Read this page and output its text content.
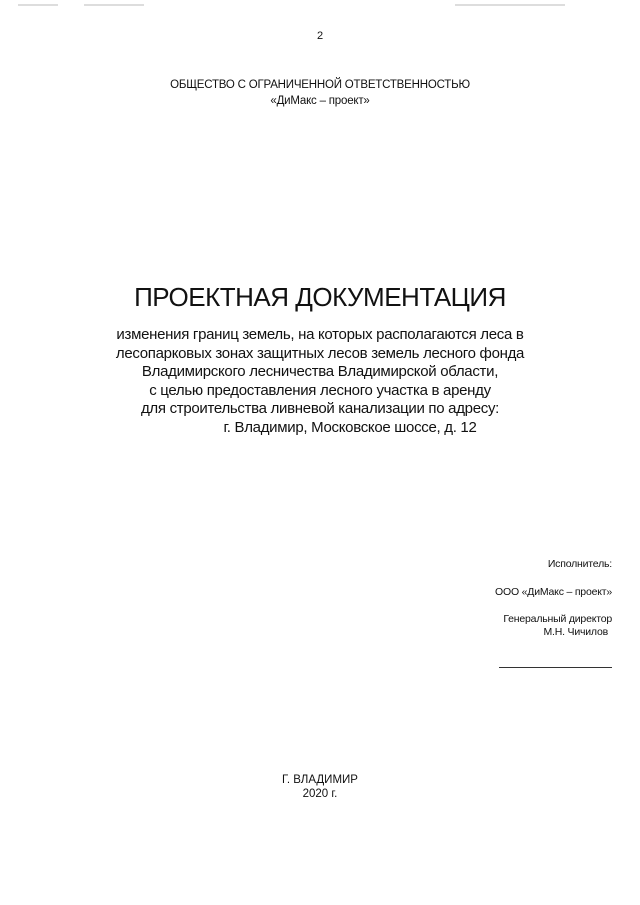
2
ОБЩЕСТВО С ОГРАНИЧЕННОЙ ОТВЕТСТВЕННОСТЬЮ
«ДиМакс – проект»
ПРОЕКТНАЯ ДОКУМЕНТАЦИЯ
изменения границ земель, на которых располагаются леса в
лесопарковых зонах защитных лесов земель лесного фонда
Владимирского лесничества Владимирской области,
с целью предоставления лесного участка в аренду
для строительства ливневой канализации по адресу:
г. Владимир, Московское шоссе, д. 12
Исполнитель:
ООО «ДиМакс – проект»
Генеральный директор
М.Н. Чичилов
Г. ВЛАДИМИР
2020 г.
